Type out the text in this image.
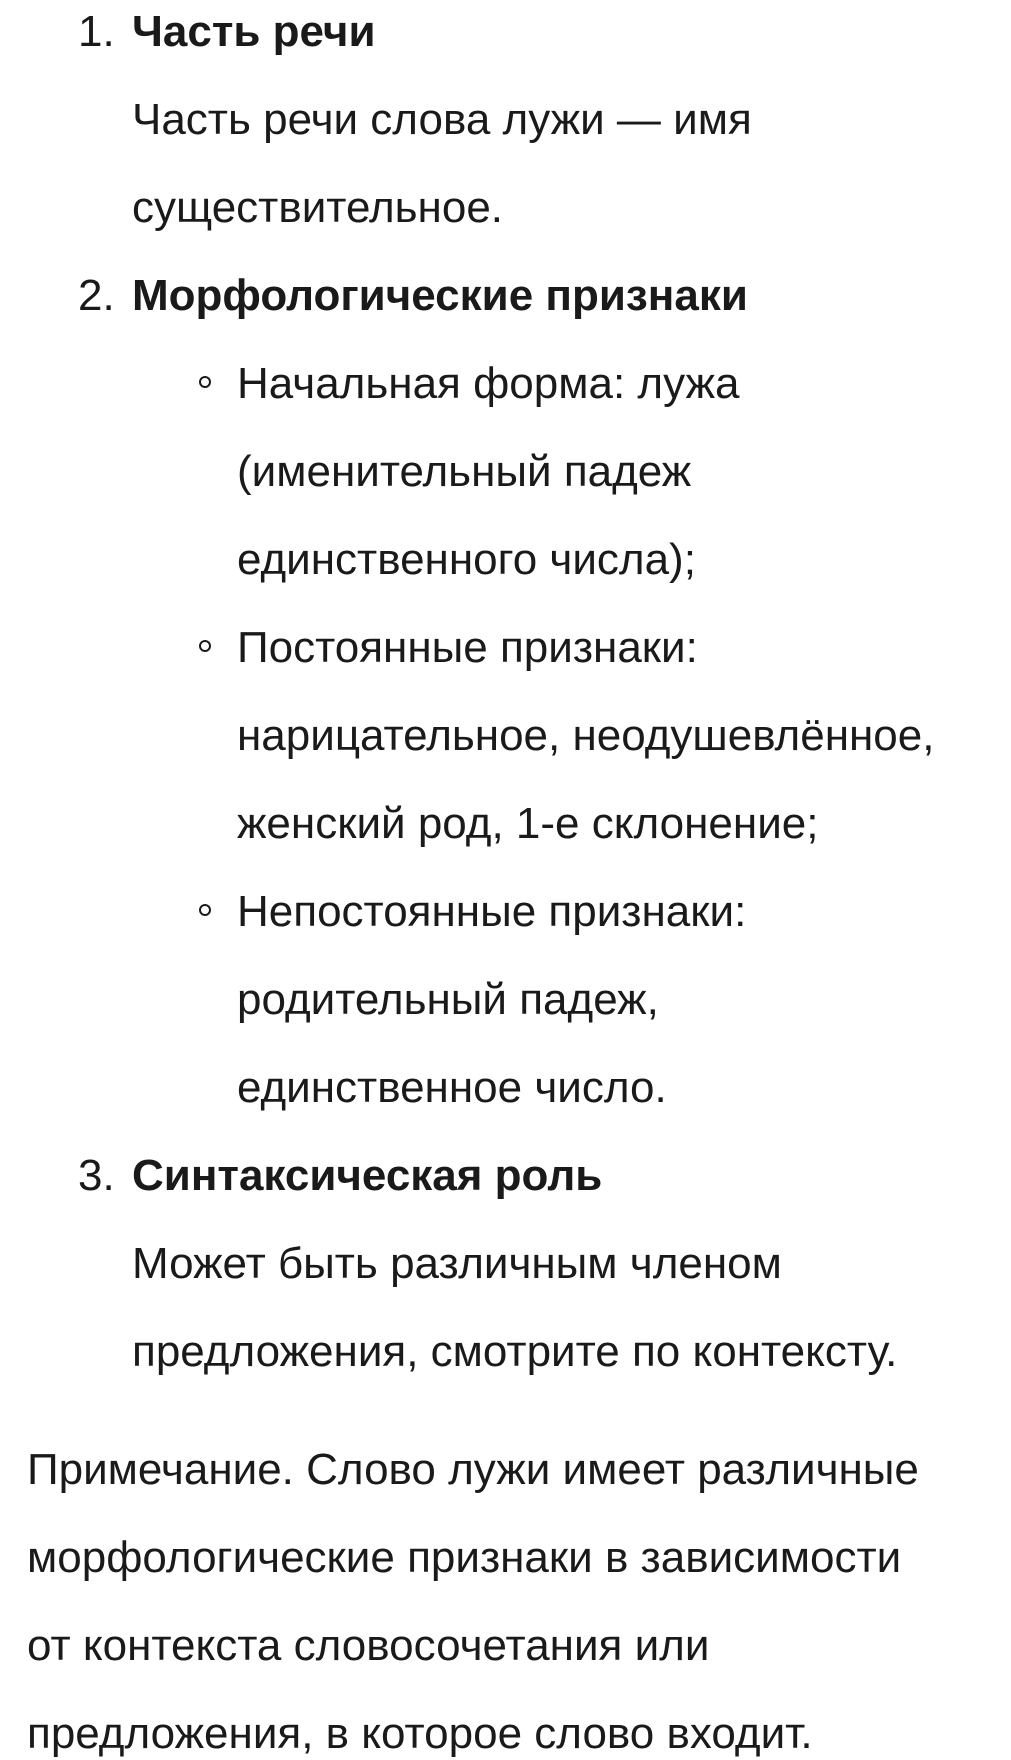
1. Часть речи

Часть речи слова лужи — имя

существительное.

2. Морфологические признаки

Начальная форма: лужа

(именительный падеж

единственного числа);

Постоянные признаки:

нарицательное, неодушевлённое,

женский род, 1-е склонение;

Непостоянные признаки:

родительный падеж,

единственное число.

3. Синтаксическая роль

Может быть различным членом

предложения, смотрите по контексту.

Примечание. Слово лужи имеет различные

морфологические признаки в зависимости

от контекста словосочетания или

предложения, в которое слово входит.
